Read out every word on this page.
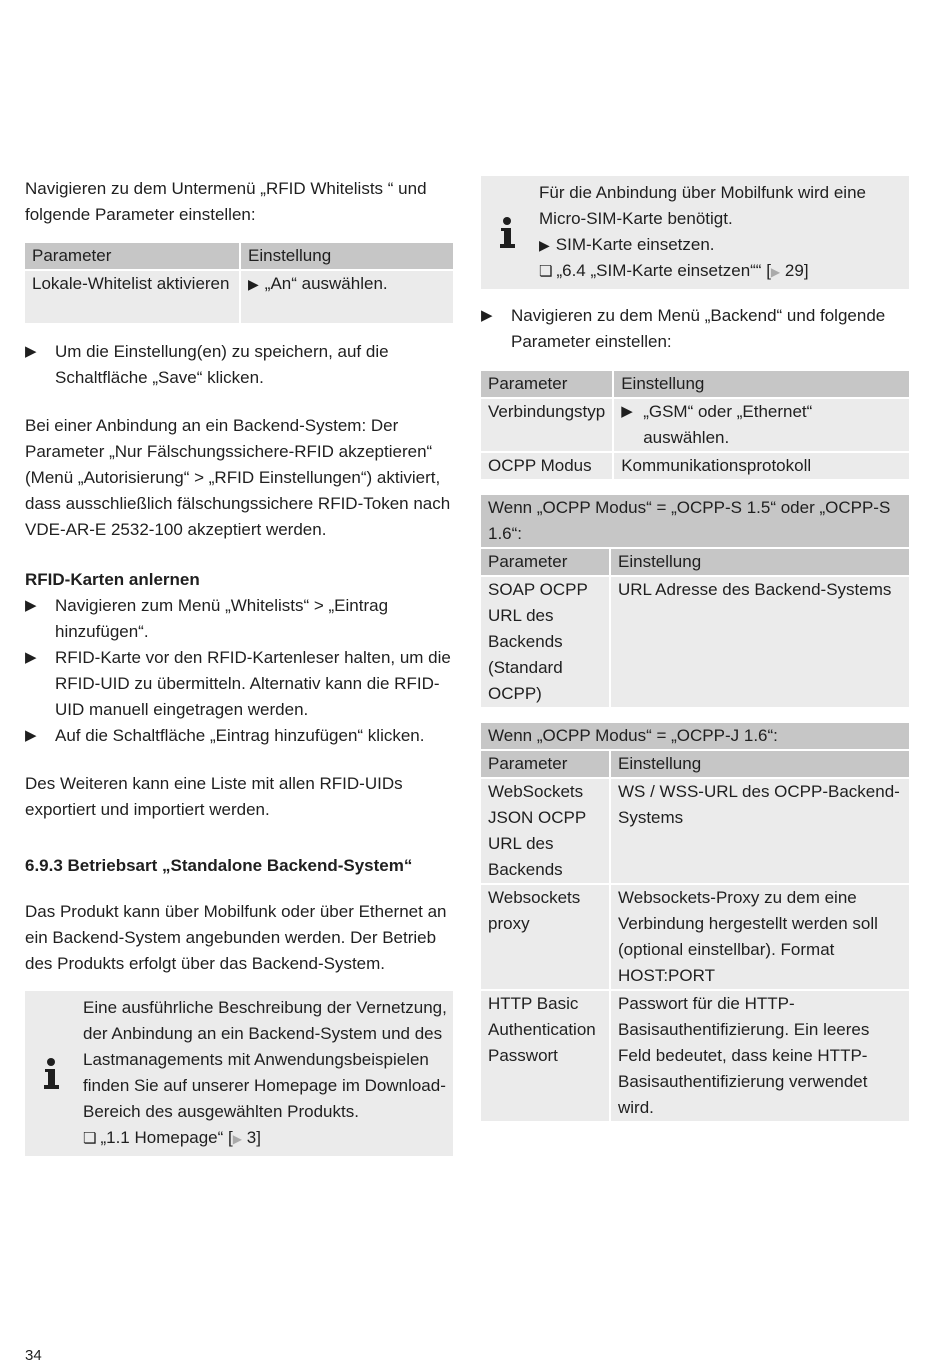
Navigieren zu dem Untermenü „RFID Whitelists “ und folgende Parameter einstellen:

Parameter	Einstellung
Lokale-Whitelist aktivieren	▶ „An“ auswählen.
▶ Um die Einstellung(en) zu speichern, auf die Schaltfläche „Save“ klicken.

Bei einer Anbindung an ein Backend-System: Der Parameter „Nur Fälschungssichere-RFID akzeptieren“ (Menü „Autorisierung“ > „RFID Einstellungen“) aktiviert, dass ausschließlich fälschungssichere RFID-Token nach VDE-AR-E 2532-100 akzeptiert werden.

RFID-Karten anlernen

▶ Navigieren zum Menü „Whitelists“ > „Eintrag hinzufügen“.
▶ RFID-Karte vor den RFID-Kartenleser halten, um die RFID-UID zu übermitteln. Alternativ kann die RFID-UID manuell eingetragen werden.
▶ Auf die Schaltfläche „Eintrag hinzufügen“ klicken.

Des Weiteren kann eine Liste mit allen RFID-UIDs exportiert und importiert werden.

6.9.3 Betriebsart „Standalone Backend-System“

Das Produkt kann über Mobilfunk oder über Ethernet an ein Backend-System angebunden werden. Der Betrieb des Produkts erfolgt über das Backend-System.

Eine ausführliche Beschreibung der Vernetzung, der Anbindung an ein Backend-System und des Lastmanagements mit Anwendungsbeispielen finden Sie auf unserer Homepage im Download-Bereich des ausgewählten Produkts.

❏ „1.1 Homepage“ [▶ 3]

Für die Anbindung über Mobilfunk wird eine Micro-SIM-Karte benötigt.

▶ SIM-Karte einsetzen.

❏ „6.4 „SIM-Karte einsetzen““ [▶ 29]

▶ Navigieren zu dem Menü „Backend“ und folgende Parameter einstellen:
Parameter	Einstellung
Verbindungstyp	▶ „GSM“ oder „Ethernet“ auswählen.

OCPP Modus	Kommunikationsprotokoll
Wenn „OCPP Modus“ = „OCPP-S 1.5“ oder „OCPP-S 1.6“:	
Parameter	Einstellung
SOAP OCPP URL des Backends (Standard OCPP)	URL Adresse des Backend-Systems
Wenn „OCPP Modus“ = „OCPP-J 1.6“:	
Parameter	Einstellung
WebSockets JSON OCPP URL des Backends	WS / WSS-URL des OCPP-Backend-Systems
Websockets proxy	Websockets-Proxy zu dem eine Verbindung hergestellt werden soll (optional einstellbar). Format HOST:PORT
HTTP Basic Authentication Passwort	Passwort für die HTTP-Basisauthentifizierung. Ein leeres Feld bedeutet, dass keine HTTP-Basisauthentifizierung verwendet wird.
34
